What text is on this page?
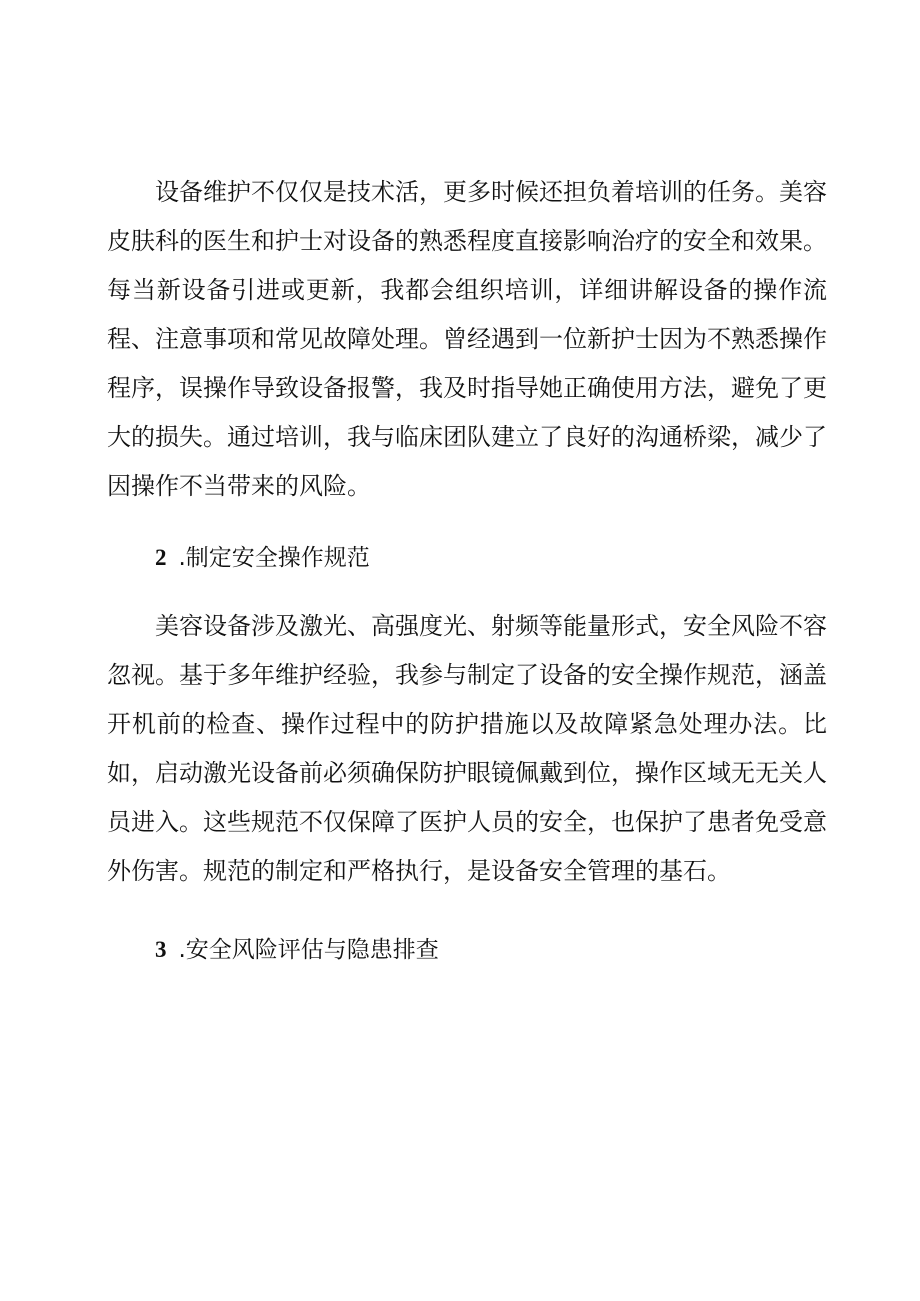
设备维护不仅仅是技术活，更多时候还担负着培训的任务。美容皮肤科的医生和护士对设备的熟悉程度直接影响治疗的安全和效果。每当新设备引进或更新，我都会组织培训，详细讲解设备的操作流程、注意事项和常见故障处理。曾经遇到一位新护士因为不熟悉操作程序，误操作导致设备报警，我及时指导她正确使用方法，避免了更大的损失。通过培训，我与临床团队建立了良好的沟通桥梁，减少了因操作不当带来的风险。

2 .制定安全操作规范

美容设备涉及激光、高强度光、射频等能量形式，安全风险不容忽视。基于多年维护经验，我参与制定了设备的安全操作规范，涵盖开机前的检查、操作过程中的防护措施以及故障紧急处理办法。比如，启动激光设备前必须确保防护眼镜佩戴到位，操作区域无无关人员进入。这些规范不仅保障了医护人员的安全，也保护了患者免受意外伤害。规范的制定和严格执行，是设备安全管理的基石。

3 .安全风险评估与隐患排查
